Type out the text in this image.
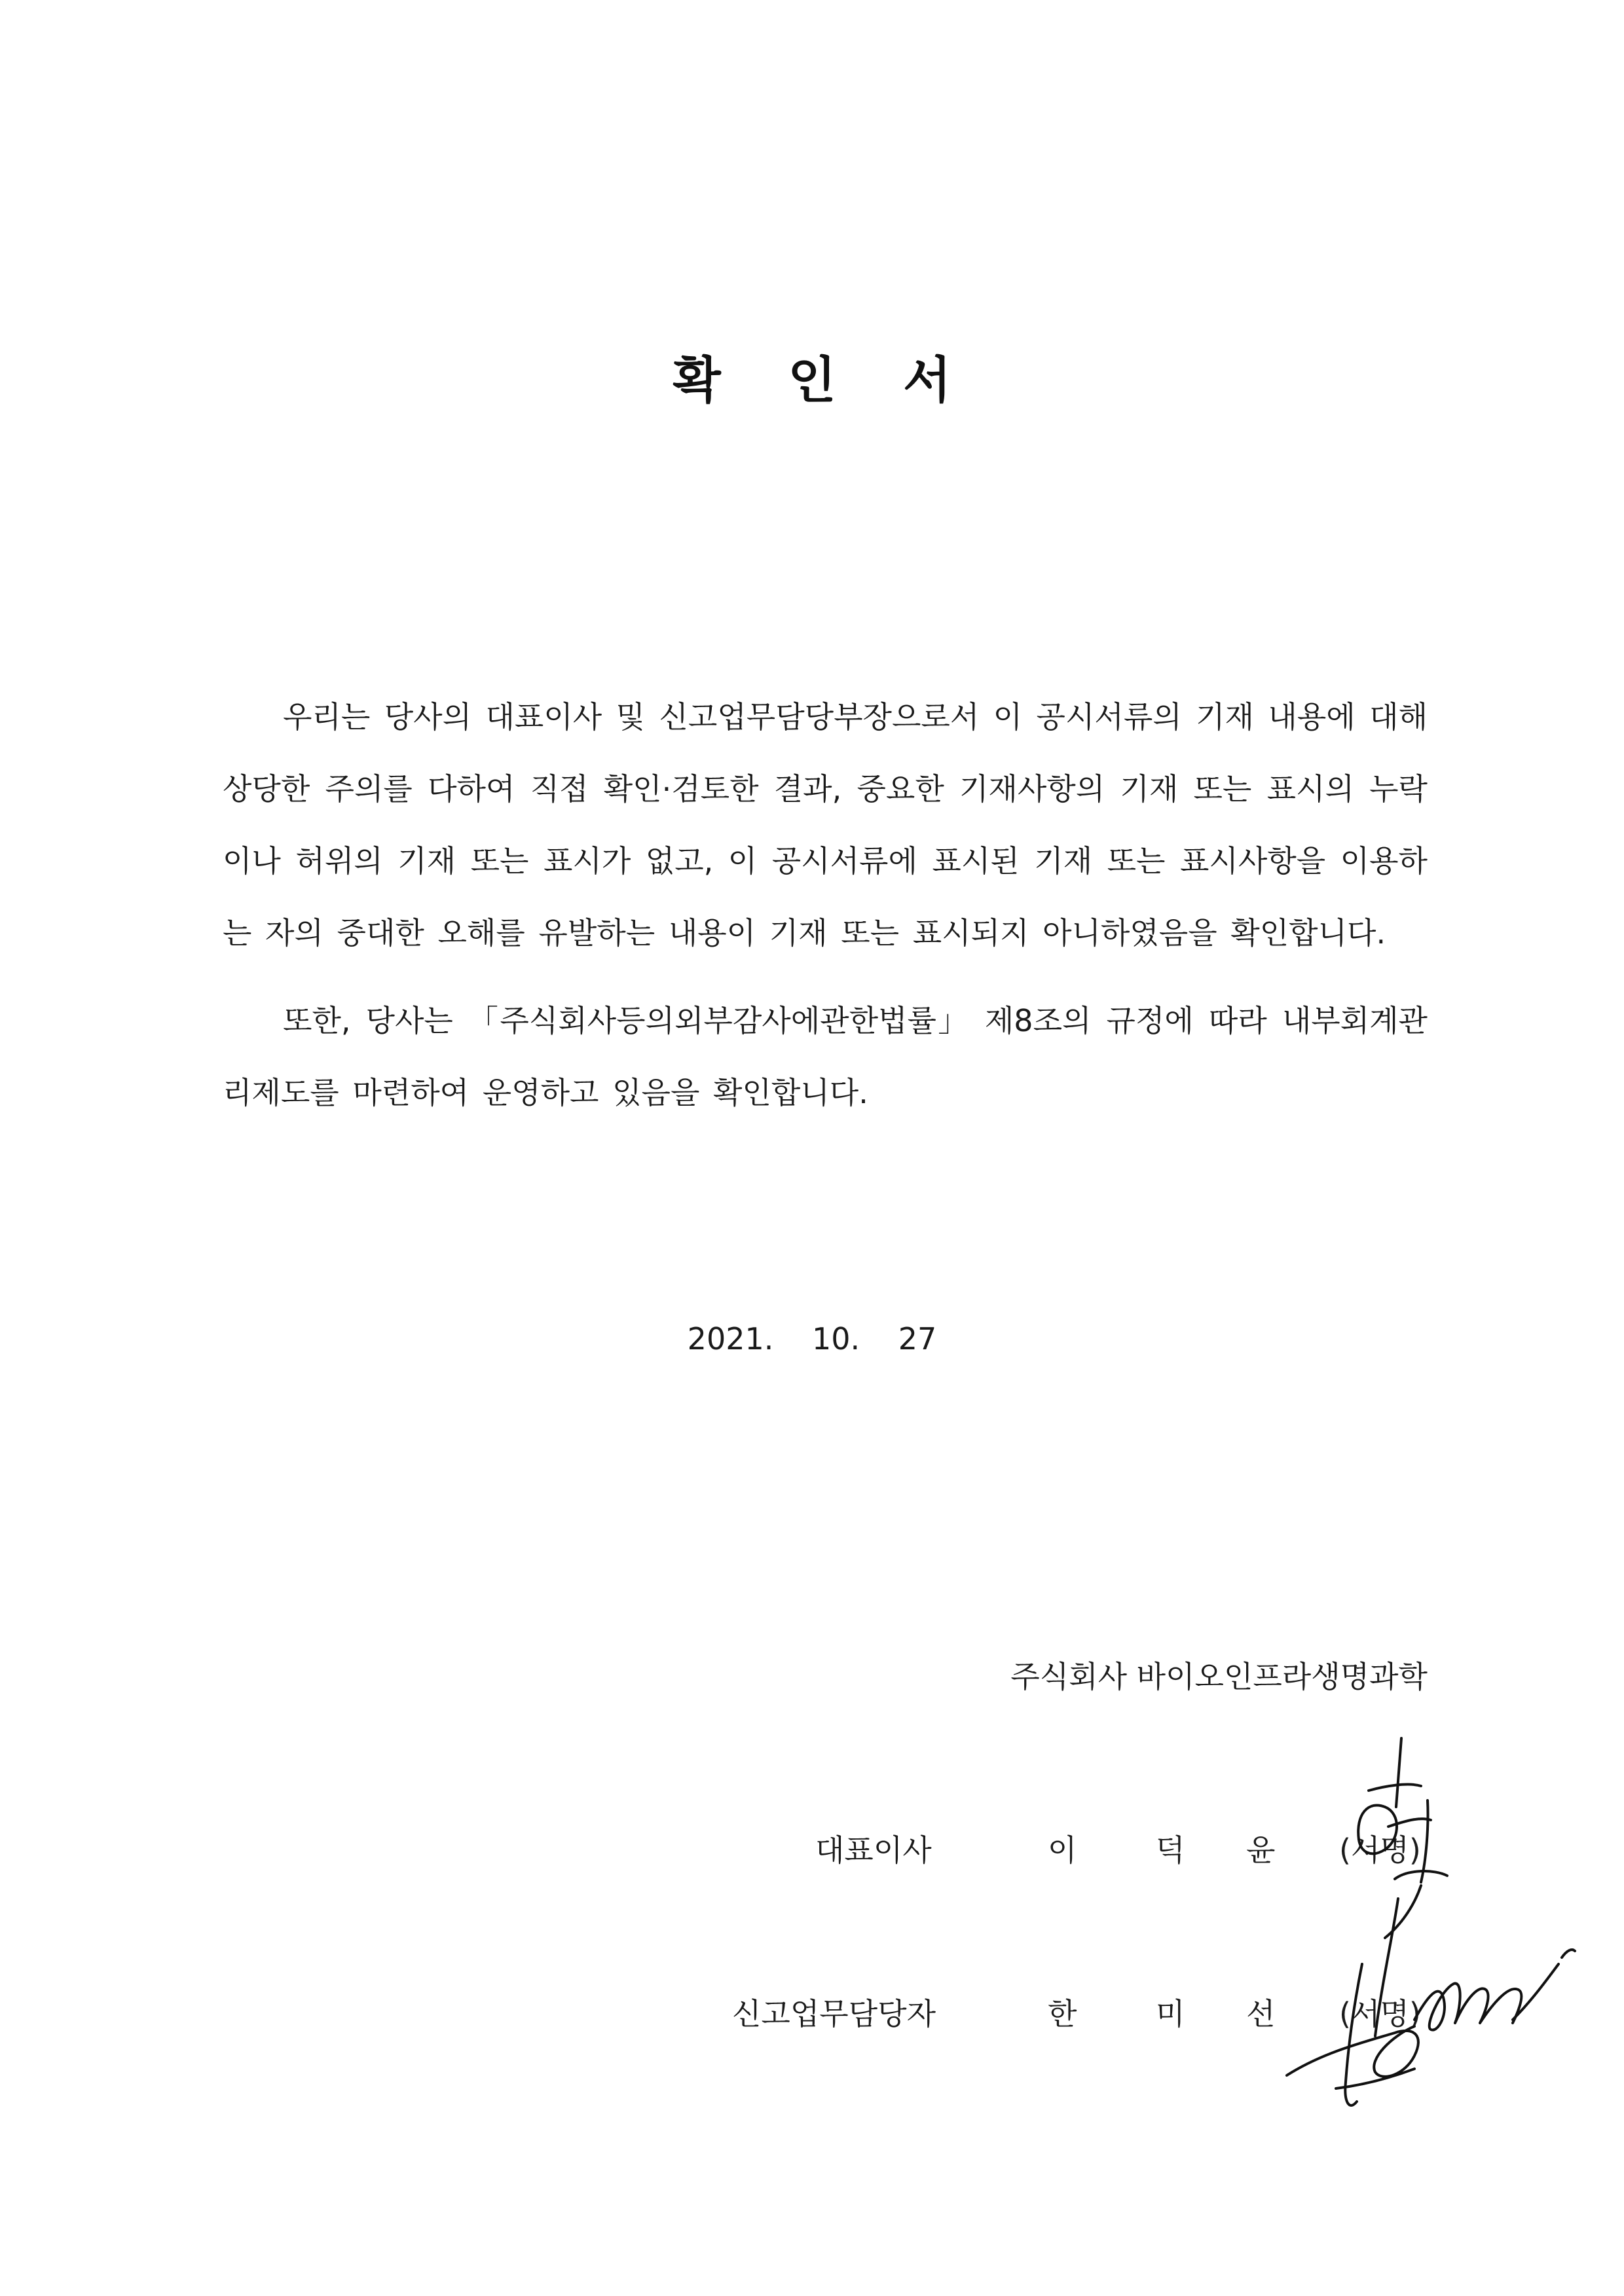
확 인 서

우리는 당사의 대표이사 및 신고업무담당부장으로서 이 공시서류의 기재 내용에 대해 상당한 주의를 다하여 직접 확인·검토한 결과, 중요한 기재사항의 기재 또는 표시의 누락이나 허위의 기재 또는 표시가 없고, 이 공시서류에 표시된 기재 또는 표시사항을 이용하는 자의 중대한 오해를 유발하는 내용이 기재 또는 표시되지 아니하였음을 확인합니다.

또한, 당사는 「주식회사등의외부감사에관한법률」 제8조의 규정에 따라 내부회계관리제도를 마련하여 운영하고 있음을 확인합니다.

2021. 10. 27
주식회사 바이오인프라생명과학
대표이사	이	덕 윤 (서명)
신고업무담당자	한	미 선 (서명)
